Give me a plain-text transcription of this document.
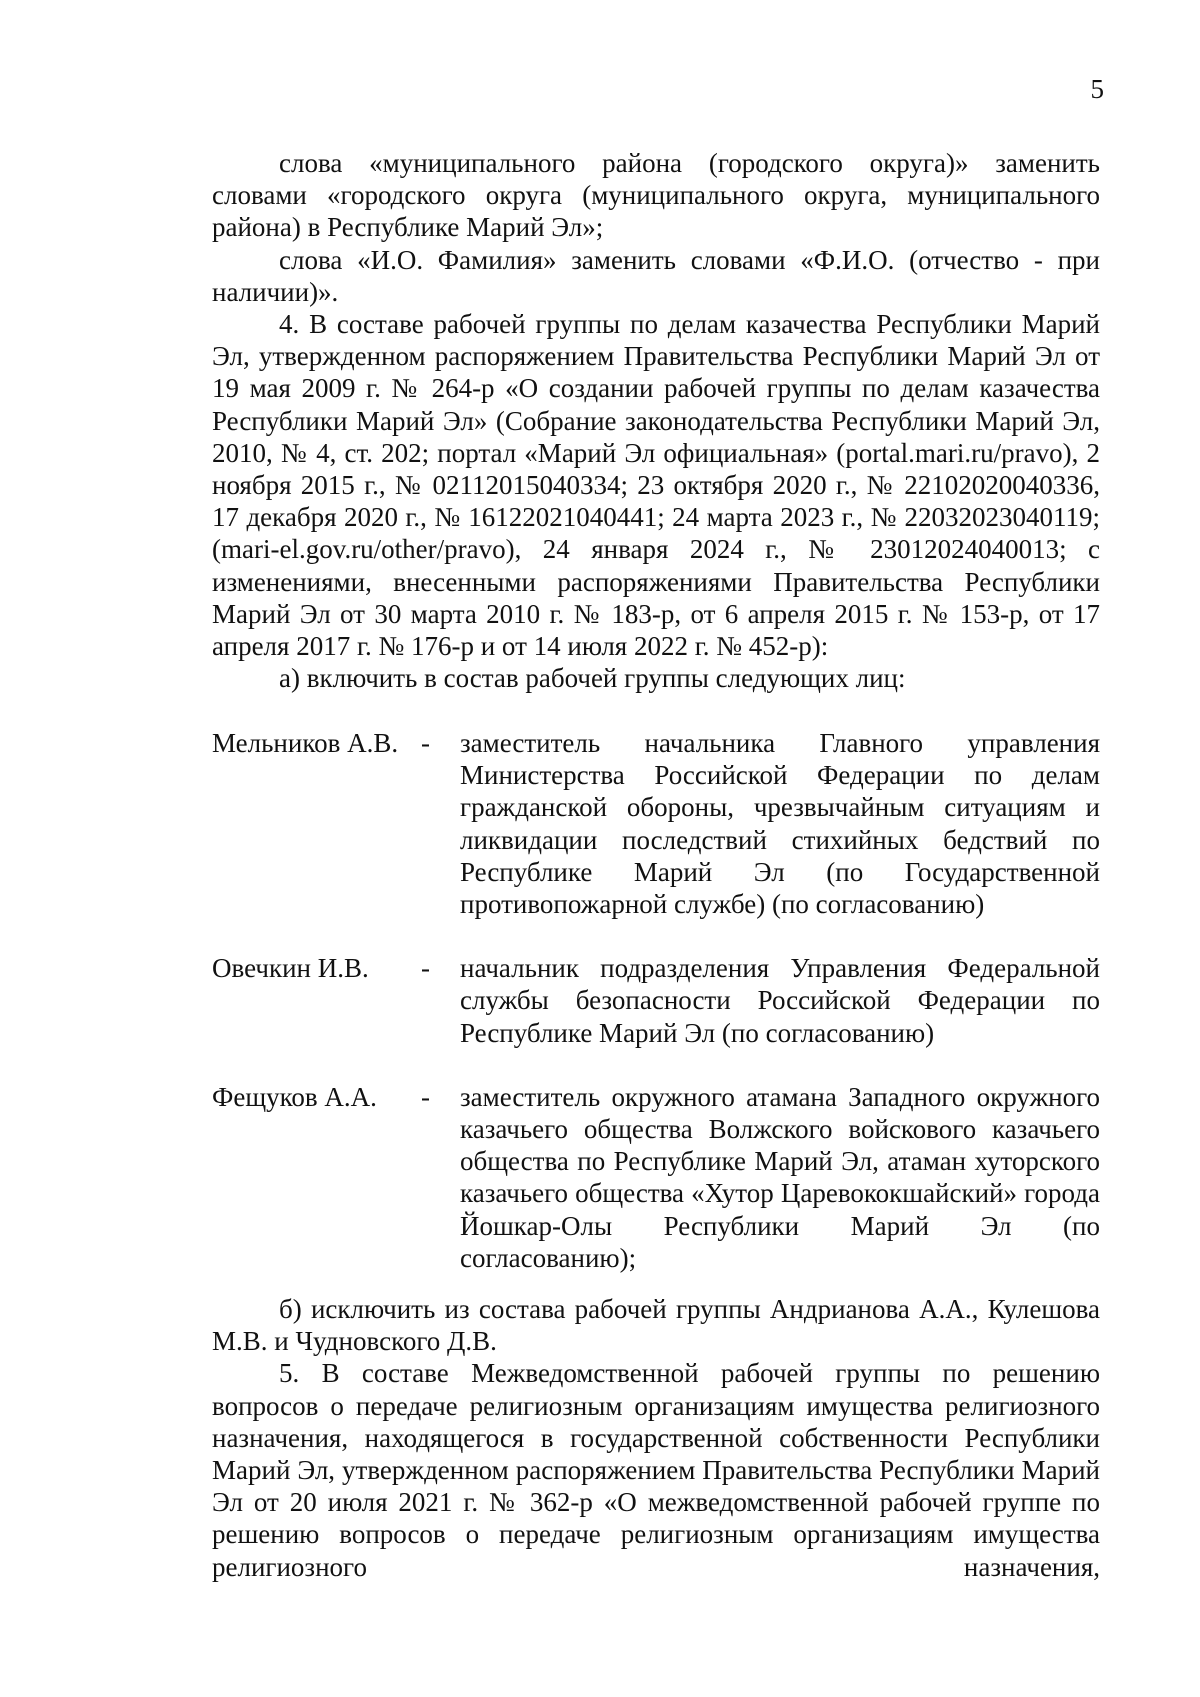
5

слова «муниципального района (городского округа)» заменить словами «городского округа (муниципального округа, муниципального района) в Республике Марий Эл»;

слова «И.О. Фамилия» заменить словами «Ф.И.О. (отчество - при наличии)».

4. В составе рабочей группы по делам казачества Республики Марий Эл, утвержденном распоряжением Правительства Республики Марий Эл от 19 мая 2009 г. № 264-р «О создании рабочей группы по делам казачества Республики Марий Эл» (Собрание законодательства Республики Марий Эл, 2010, № 4, ст. 202; портал «Марий Эл официальная» (portal.mari.ru/pravo), 2 ноября 2015 г., № 02112015040334; 23 октября 2020 г., № 22102020040336, 17 декабря 2020 г., № 16122021040441; 24 марта 2023 г., № 22032023040119; (mari-el.gov.ru/other/pravo), 24 января 2024 г., № 23012024040013; с изменениями, внесенными распоряжениями Правительства Республики Марий Эл от 30 марта 2010 г. № 183-р, от 6 апреля 2015 г. № 153-р, от 17 апреля 2017 г. № 176-р и от 14 июля 2022 г. № 452-р):

а) включить в состав рабочей группы следующих лиц:

Мельников А.В. -	заместитель начальника Главного управления Министерства Российской Федерации по делам гражданской обороны, чрезвычайным ситуациям и ликвидации последствий стихийных бедствий по Республике Марий Эл (по Государственной противопожарной службе) (по согласованию)
Овечкин И.В.	-	начальник подразделения Управления Федеральной службы безопасности Российской Федерации по Республике Марий Эл (по согласованию)
Фещуков А.А.	-	заместитель окружного атамана Западного окружного казачьего общества Волжского войскового казачьего общества по Республике Марий Эл, атаман хуторского казачьего общества «Хутор Царевококшайский» города Йошкар-Олы Республики Марий Эл (по согласованию);

б) исключить из состава рабочей группы Андрианова А.А., Кулешова М.В. и Чудновского Д.В.

5. В составе Межведомственной рабочей группы по решению вопросов о передаче религиозным организациям имущества религиозного назначения, находящегося в государственной собственности Республики Марий Эл, утвержденном распоряжением Правительства Республики Марий Эл от 20 июля 2021 г. № 362-р «О межведомственной рабочей группе по решению вопросов о передаче религиозным организациям имущества религиозного назначения,
